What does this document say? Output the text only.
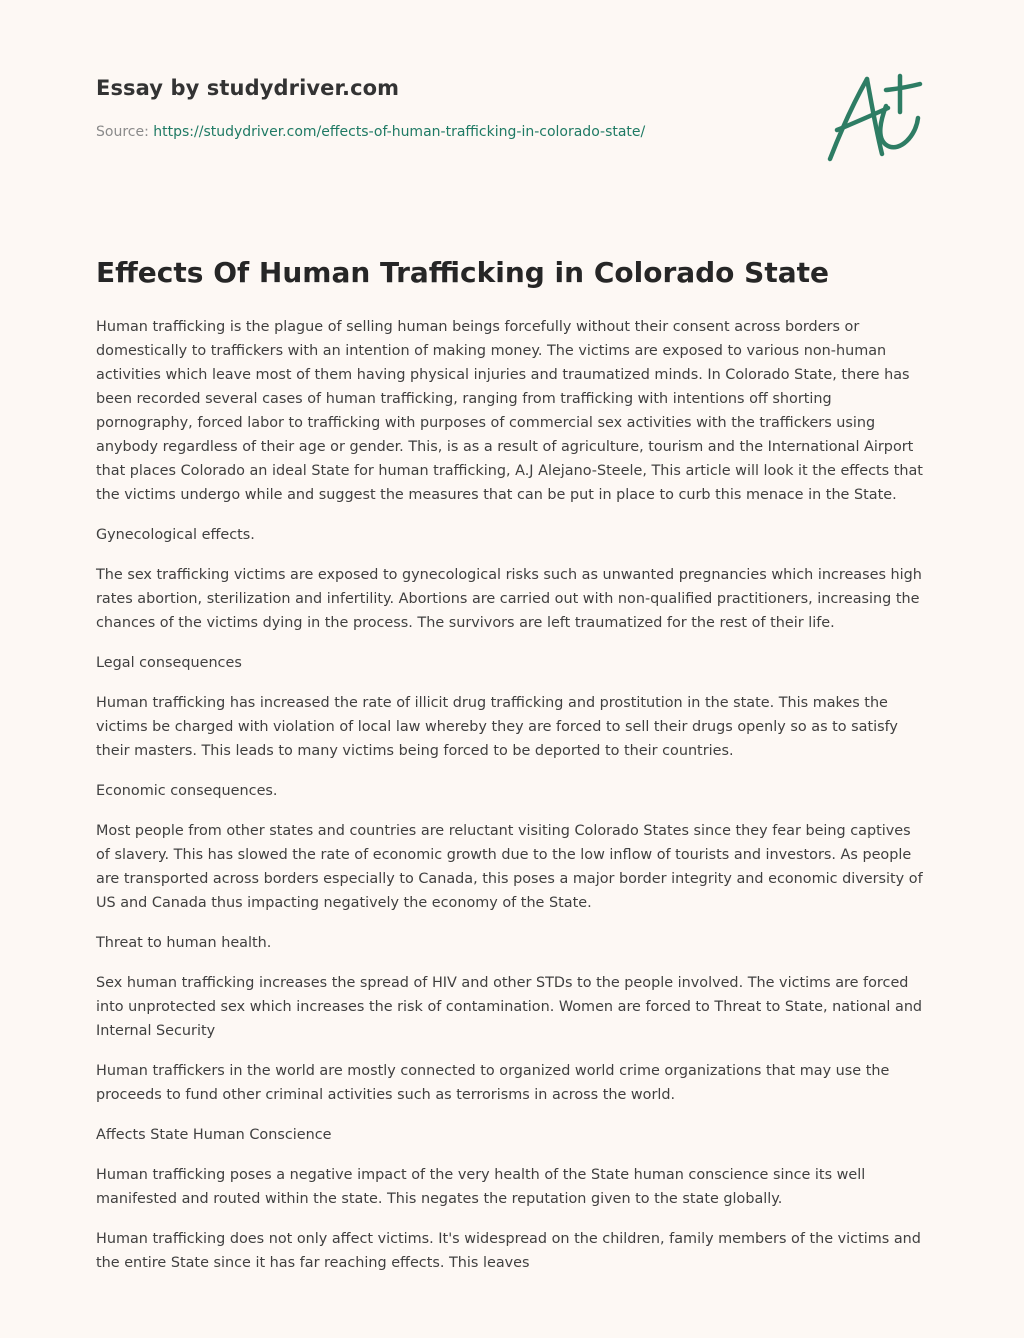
Essay by studydriver.com
Source: https://studydriver.com/effects-of-human-trafficking-in-colorado-state/
Effects Of Human Trafficking in Colorado State

Human trafficking is the plague of selling human beings forcefully without their consent across borders or domestically to traffickers with an intention of making money. The victims are exposed to various non-human activities which leave most of them having physical injuries and traumatized minds. In Colorado State, there has been recorded several cases of human trafficking, ranging from trafficking with intentions off shorting pornography, forced labor to trafficking with purposes of commercial sex activities with the traffickers using anybody regardless of their age or gender. This, is as a result of agriculture, tourism and the International Airport that places Colorado an ideal State for human trafficking, A.J Alejano-Steele, This article will look it the effects that the victims undergo while and suggest the measures that can be put in place to curb this menace in the State.

Gynecological effects.

The sex trafficking victims are exposed to gynecological risks such as unwanted pregnancies which increases high rates abortion, sterilization and infertility. Abortions are carried out with non-qualified practitioners, increasing the chances of the victims dying in the process. The survivors are left traumatized for the rest of their life.

Legal consequences

Human trafficking has increased the rate of illicit drug trafficking and prostitution in the state. This makes the victims be charged with violation of local law whereby they are forced to sell their drugs openly so as to satisfy their masters. This leads to many victims being forced to be deported to their countries.

Economic consequences.

Most people from other states and countries are reluctant visiting Colorado States since they fear being captives of slavery. This has slowed the rate of economic growth due to the low inflow of tourists and investors. As people are transported across borders especially to Canada, this poses a major border integrity and economic diversity of US and Canada thus impacting negatively the economy of the State.

Threat to human health.

Sex human trafficking increases the spread of HIV and other STDs to the people involved. The victims are forced into unprotected sex which increases the risk of contamination. Women are forced to Threat to State, national and Internal Security

Human traffickers in the world are mostly connected to organized world crime organizations that may use the proceeds to fund other criminal activities such as terrorisms in across the world.

Affects State Human Conscience

Human trafficking poses a negative impact of the very health of the State human conscience since its well manifested and routed within the state. This negates the reputation given to the state globally.

Human trafficking does not only affect victims. It's widespread on the children, family members of the victims and the entire State since it has far reaching effects. This leaves
